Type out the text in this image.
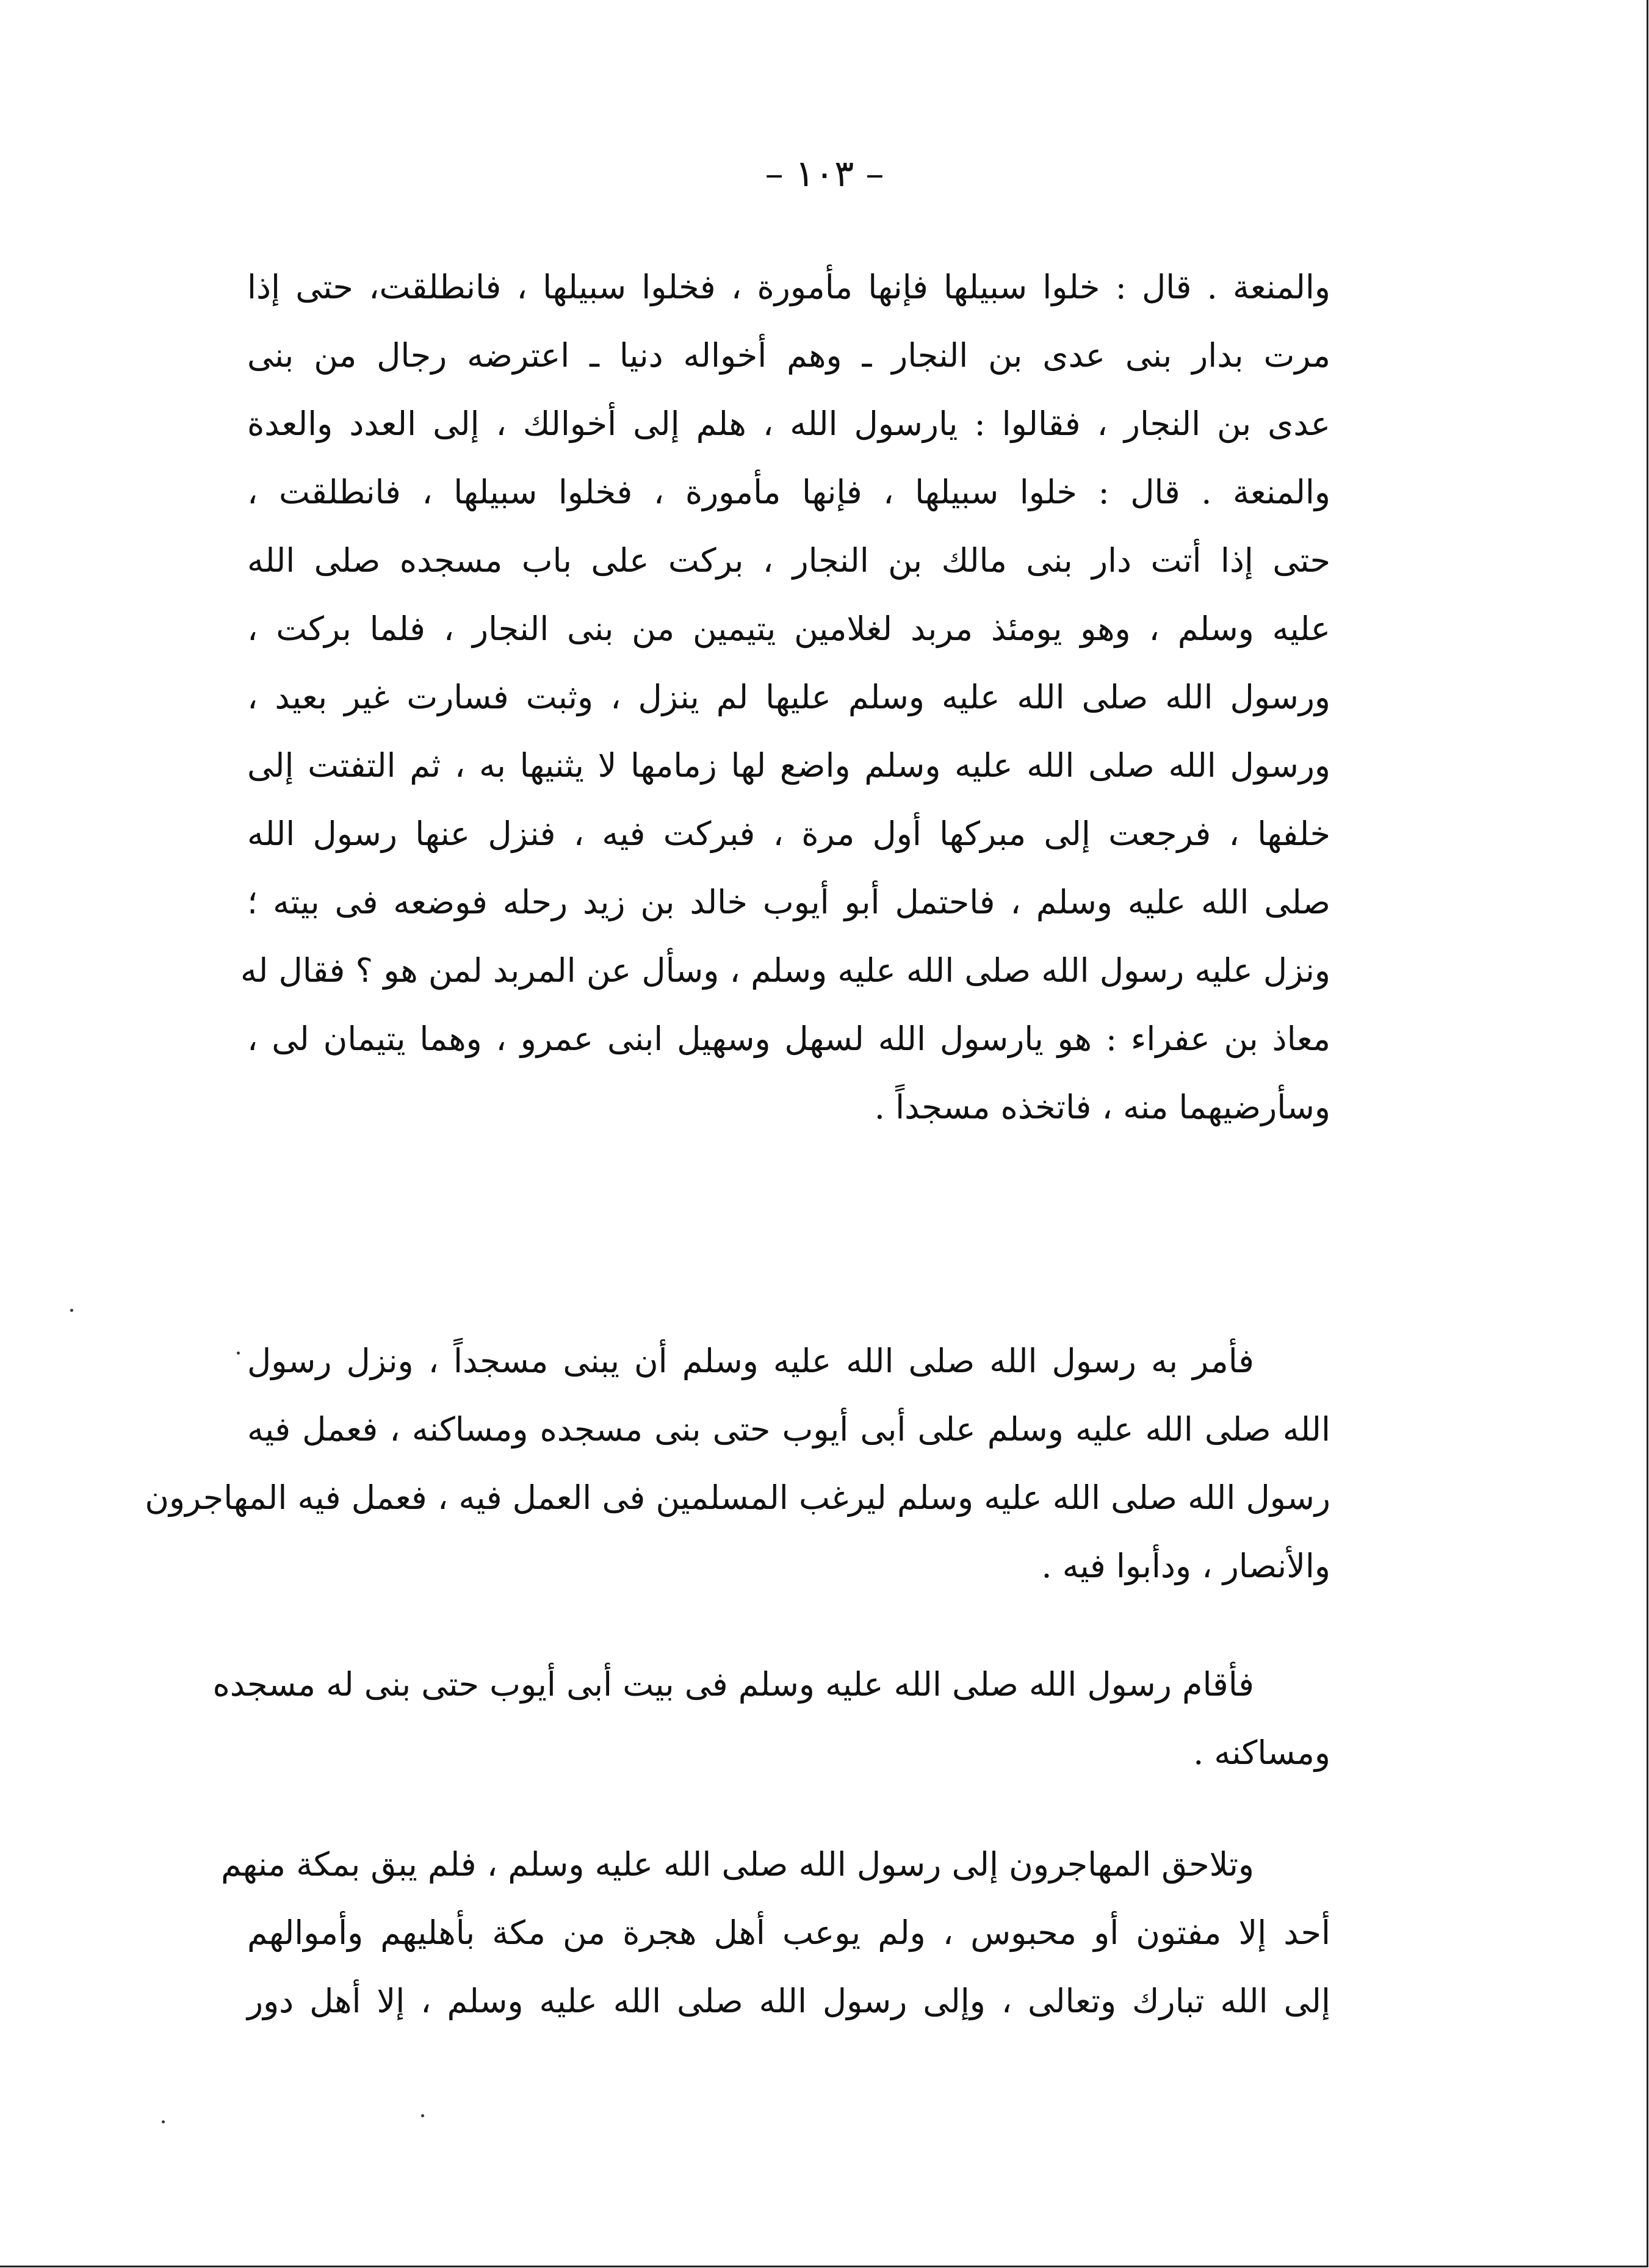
– ١٠٣ –
والمنعة . قال : خلوا سبيلها فإنها مأمورة ، فخلوا سبيلها ، فانطلقت، حتى إذا
مرت بدار بنى عدى بن النجار ـ وهم أخواله دنيا ـ اعترضه رجال من بنى
عدى بن النجار ، فقالوا : يارسول الله ، هلم إلى أخوالك ، إلى العدد والعدة
والمنعة . قال : خلوا سبيلها ، فإنها مأمورة ، فخلوا سبيلها ، فانطلقت ،
حتى إذا أتت دار بنى مالك بن النجار ، بركت على باب مسجده صلى الله
عليه وسلم ، وهو يومئذ مربد لغلامين يتيمين من بنى النجار ، فلما بركت ،
ورسول الله صلى الله عليه وسلم عليها لم ينزل ، وثبت فسارت غير بعيد ،
ورسول الله صلى الله عليه وسلم واضع لها زمامها لا يثنيها به ، ثم التفتت إلى
خلفها ، فرجعت إلى مبركها أول مرة ، فبركت فيه ، فنزل عنها رسول الله
صلى الله عليه وسلم ، فاحتمل أبو أيوب خالد بن زيد رحله فوضعه فى بيته ؛
ونزل عليه رسول الله صلى الله عليه وسلم ، وسأل عن المربد لمن هو ؟ فقال له
معاذ بن عفراء : هو يارسول الله لسهل وسهيل ابنى عمرو ، وهما يتيمان لى ،
وسأرضيهما منه ، فاتخذه مسجداً .
فأمر به رسول الله صلى الله عليه وسلم أن يبنى مسجداً ، ونزل رسول
الله صلى الله عليه وسلم على أبى أيوب حتى بنى مسجده ومساكنه ، فعمل فيه
رسول الله صلى الله عليه وسلم ليرغب المسلمين فى العمل فيه ، فعمل فيه المهاجرون
والأنصار ، ودأبوا فيه .
فأقام رسول الله صلى الله عليه وسلم فى بيت أبى أيوب حتى بنى له مسجده
ومساكنه .
وتلاحق المهاجرون إلى رسول الله صلى الله عليه وسلم ، فلم يبق بمكة منهم
أحد إلا مفتون أو محبوس ، ولم يوعب أهل هجرة من مكة بأهليهم وأموالهم
إلى الله تبارك وتعالى ، وإلى رسول الله صلى الله عليه وسلم ، إلا أهل دور
